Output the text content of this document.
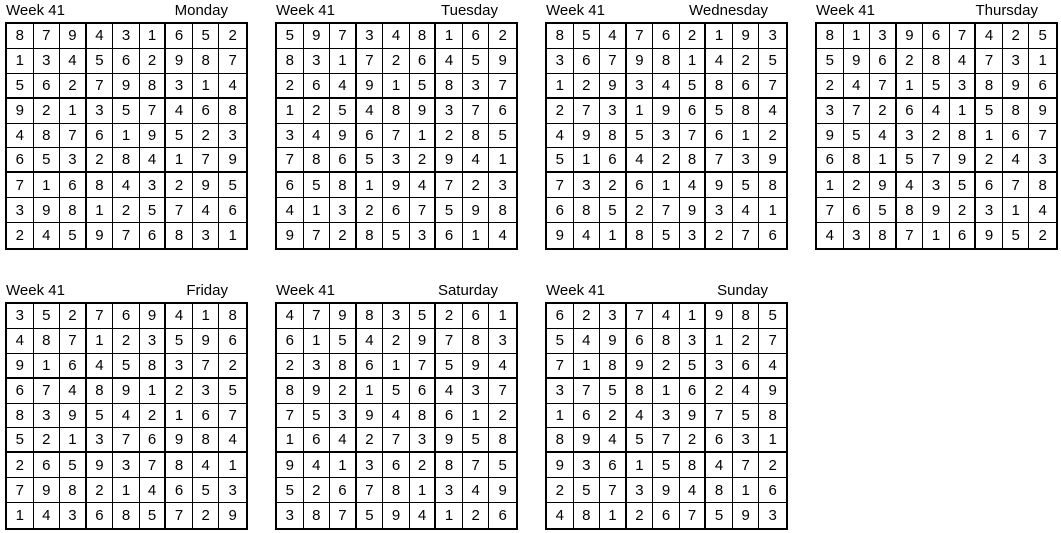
Week 41	Monday
8	7	9	4	3	1	6	5	2
1	3	4	5	6	2	9	8	7
5	6	2	7	9	8	3	1	4
9	2	1	3	5	7	4	6	8
4	8	7	6	1	9	5	2	3
6	5	3	2	8	4	1	7	9
7	1	6	8	4	3	2	9	5
3	9	8	1	2	5	7	4	6
2	4	5	9	7	6	8	3	1
Week 41	Tuesday
5	9	7	3	4	8	1	6	2
8	3	1	7	2	6	4	5	9
2	6	4	9	1	5	8	3	7
1	2	5	4	8	9	3	7	6
3	4	9	6	7	1	2	8	5
7	8	6	5	3	2	9	4	1
6	5	8	1	9	4	7	2	3
4	1	3	2	6	7	5	9	8
9	7	2	8	5	3	6	1	4
Week 41	Wednesday
8	5	4	7	6	2	1	9	3
3	6	7	9	8	1	4	2	5
1	2	9	3	4	5	8	6	7
2	7	3	1	9	6	5	8	4
4	9	8	5	3	7	6	1	2
5	1	6	4	2	8	7	3	9
7	3	2	6	1	4	9	5	8
6	8	5	2	7	9	3	4	1
9	4	1	8	5	3	2	7	6
Week 41	Thursday
8	1	3	9	6	7	4	2	5
5	9	6	2	8	4	7	3	1
2	4	7	1	5	3	8	9	6
3	7	2	6	4	1	5	8	9
9	5	4	3	2	8	1	6	7
6	8	1	5	7	9	2	4	3
1	2	9	4	3	5	6	7	8
7	6	5	8	9	2	3	1	4
4	3	8	7	1	6	9	5	2
Week 41	Friday
3	5	2	7	6	9	4	1	8
4	8	7	1	2	3	5	9	6
9	1	6	4	5	8	3	7	2
6	7	4	8	9	1	2	3	5
8	3	9	5	4	2	1	6	7
5	2	1	3	7	6	9	8	4
2	6	5	9	3	7	8	4	1
7	9	8	2	1	4	6	5	3
1	4	3	6	8	5	7	2	9
Week 41	Saturday
4	7	9	8	3	5	2	6	1
6	1	5	4	2	9	7	8	3
2	3	8	6	1	7	5	9	4
8	9	2	1	5	6	4	3	7
7	5	3	9	4	8	6	1	2
1	6	4	2	7	3	9	5	8
9	4	1	3	6	2	8	7	5
5	2	6	7	8	1	3	4	9
3	8	7	5	9	4	1	2	6
Week 41	Sunday
6	2	3	7	4	1	9	8	5
5	4	9	6	8	3	1	2	7
7	1	8	9	2	5	3	6	4
3	7	5	8	1	6	2	4	9
1	6	2	4	3	9	7	5	8
8	9	4	5	7	2	6	3	1
9	3	6	1	5	8	4	7	2
2	5	7	3	9	4	8	1	6
4	8	1	2	6	7	5	9	3
